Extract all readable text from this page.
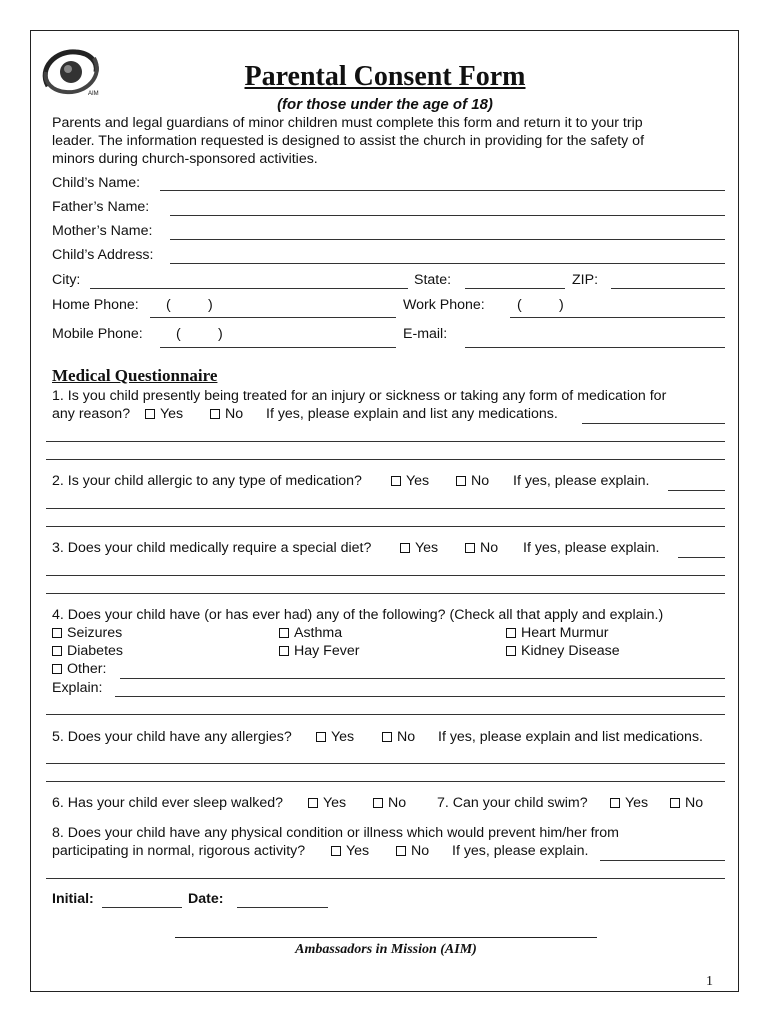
AIM
Parental Consent Form
(for those under the age of 18)
Parents and legal guardians of minor children must complete this form and return it to your trip
leader. The information requested is designed to assist the church in providing for the safety of
minors during church-sponsored activities.
Child’s Name:
Father’s Name:
Mother’s Name:
Child’s Address:
City:	State:	ZIP:
Home Phone: (	)	Work Phone: (	)
Mobile Phone: (	)	E-mail:
Medical Questionnaire
1. Is you child presently being treated for an injury or sickness or taking any form of medication for
any reason?	Yes	No If yes, please explain and list any medications.
2. Is your child allergic to any type of medication?	Yes	No If yes, please explain.
3. Does your child medically require a special diet?	Yes	No If yes, please explain.
4. Does your child have (or has ever had) any of the following? (Check all that apply and explain.)
Seizures	Asthma	Heart Murmur
Diabetes	Hay Fever	Kidney Disease
Other:
Explain:
5. Does your child have any allergies?	Yes	No If yes, please explain and list medications.
6. Has your child ever sleep walked?	Yes	No 7. Can your child swim?	Yes	No
8. Does your child have any physical condition or illness which would prevent him/her from
participating in normal, rigorous activity?	Yes	No If yes, please explain.
Initial:	Date:
Ambassadors in Mission (AIM)
1
